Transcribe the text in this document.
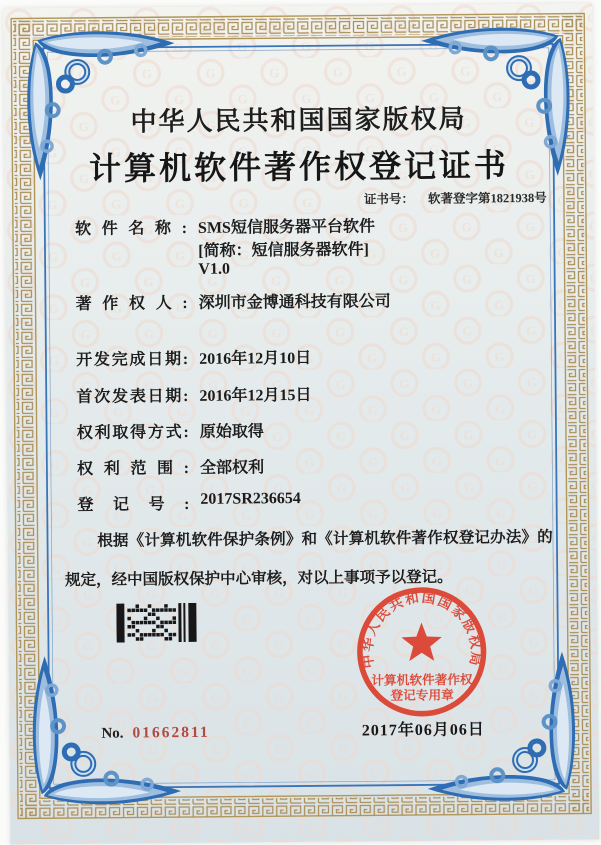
中华人民共和国国家版权局
计算机软件著作权登记证书
证书号： 软著登字第1821938号
软件名称: SMS短信服务器平台软件
[简称：短信服务器软件]
V1.0
著作权人: 深圳市金博通科技有限公司
开发完成日期: 2016年12月10日
首次发表日期: 2016年12月15日
权利取得方式: 原始取得
权利范围: 全部权利
登记号: 2017SR236654
根据《计算机软件保护条例》和《计算机软件著作权登记办法》的规定，经中国版权保护中心审核，对以上事项予以登记。
中华人民共和国国家版权局
计算机软件著作权
登记专用章
2017年06月06日
No. 01662811
